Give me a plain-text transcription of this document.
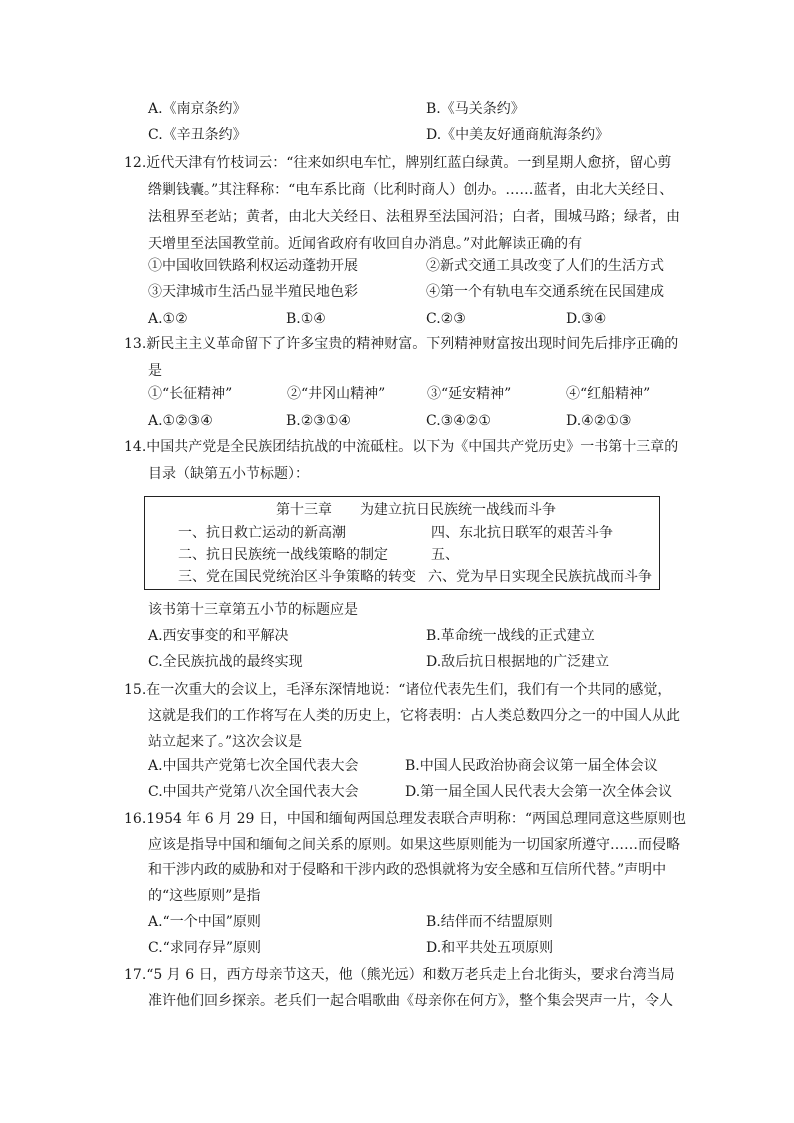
A.《南京条约》	B.《马关条约》
C.《辛丑条约》	D.《中美友好通商航海条约》
12.近代天津有竹枝词云：“往来如织电车忙，牌别红蓝白绿黄。一到星期人愈挤，留心剪
绺剿钱囊。”其注释称：“电车系比商（比利时商人）创办。……蓝者，由北大关经日、
法租界至老站；黄者，由北大关经日、法租界至法国河沿；白者，围城马路；绿者，由
天增里至法国教堂前。近闻省政府有收回自办消息。”对此解读正确的有
①中国收回铁路利权运动蓬勃开展	②新式交通工具改变了人们的生活方式
③天津城市生活凸显半殖民地色彩	④第一个有轨电车交通系统在民国建成
A.①②	B.①④	C.②③	D.③④
13.新民主主义革命留下了许多宝贵的精神财富。下列精神财富按出现时间先后排序正确的
是
①“长征精神”	②“井冈山精神”	③“延安精神”	④“红船精神”
A.①②③④	B.②③①④	C.③④②①	D.④②①③
14.中国共产党是全民族团结抗战的中流砥柱。以下为《中国共产党历史》一书第十三章的
目录（缺第五小节标题）：
第十三章　　为建立抗日民族统一战线而斗争
一、抗日救亡运动的新高潮	四、东北抗日联军的艰苦斗争
二、抗日民族统一战线策略的制定	五、
三、党在国民党统治区斗争策略的转变 六、党为早日实现全民族抗战而斗争
该书第十三章第五小节的标题应是
A.西安事变的和平解决	B.革命统一战线的正式建立
C.全民族抗战的最终实现	D.敌后抗日根据地的广泛建立
15.在一次重大的会议上，毛泽东深情地说：“诸位代表先生们，我们有一个共同的感觉，
这就是我们的工作将写在人类的历史上，它将表明：占人类总数四分之一的中国人从此
站立起来了。”这次会议是
A.中国共产党第七次全国代表大会	B.中国人民政治协商会议第一届全体会议
C.中国共产党第八次全国代表大会	D.第一届全国人民代表大会第一次全体会议
16.1954 年 6 月 29 日，中国和缅甸两国总理发表联合声明称：“两国总理同意这些原则也
应该是指导中国和缅甸之间关系的原则。如果这些原则能为一切国家所遵守……而侵略
和干涉内政的威胁和对于侵略和干涉内政的恐惧就将为安全感和互信所代替。”声明中
的“这些原则”是指
A.“一个中国”原则	B.结伴而不结盟原则
C.“求同存异”原则	D.和平共处五项原则
17.“5 月 6 日，西方母亲节这天，他（熊光远）和数万老兵走上台北街头，要求台湾当局
准许他们回乡探亲。老兵们一起合唱歌曲《母亲你在何方》，整个集会哭声一片，令人
